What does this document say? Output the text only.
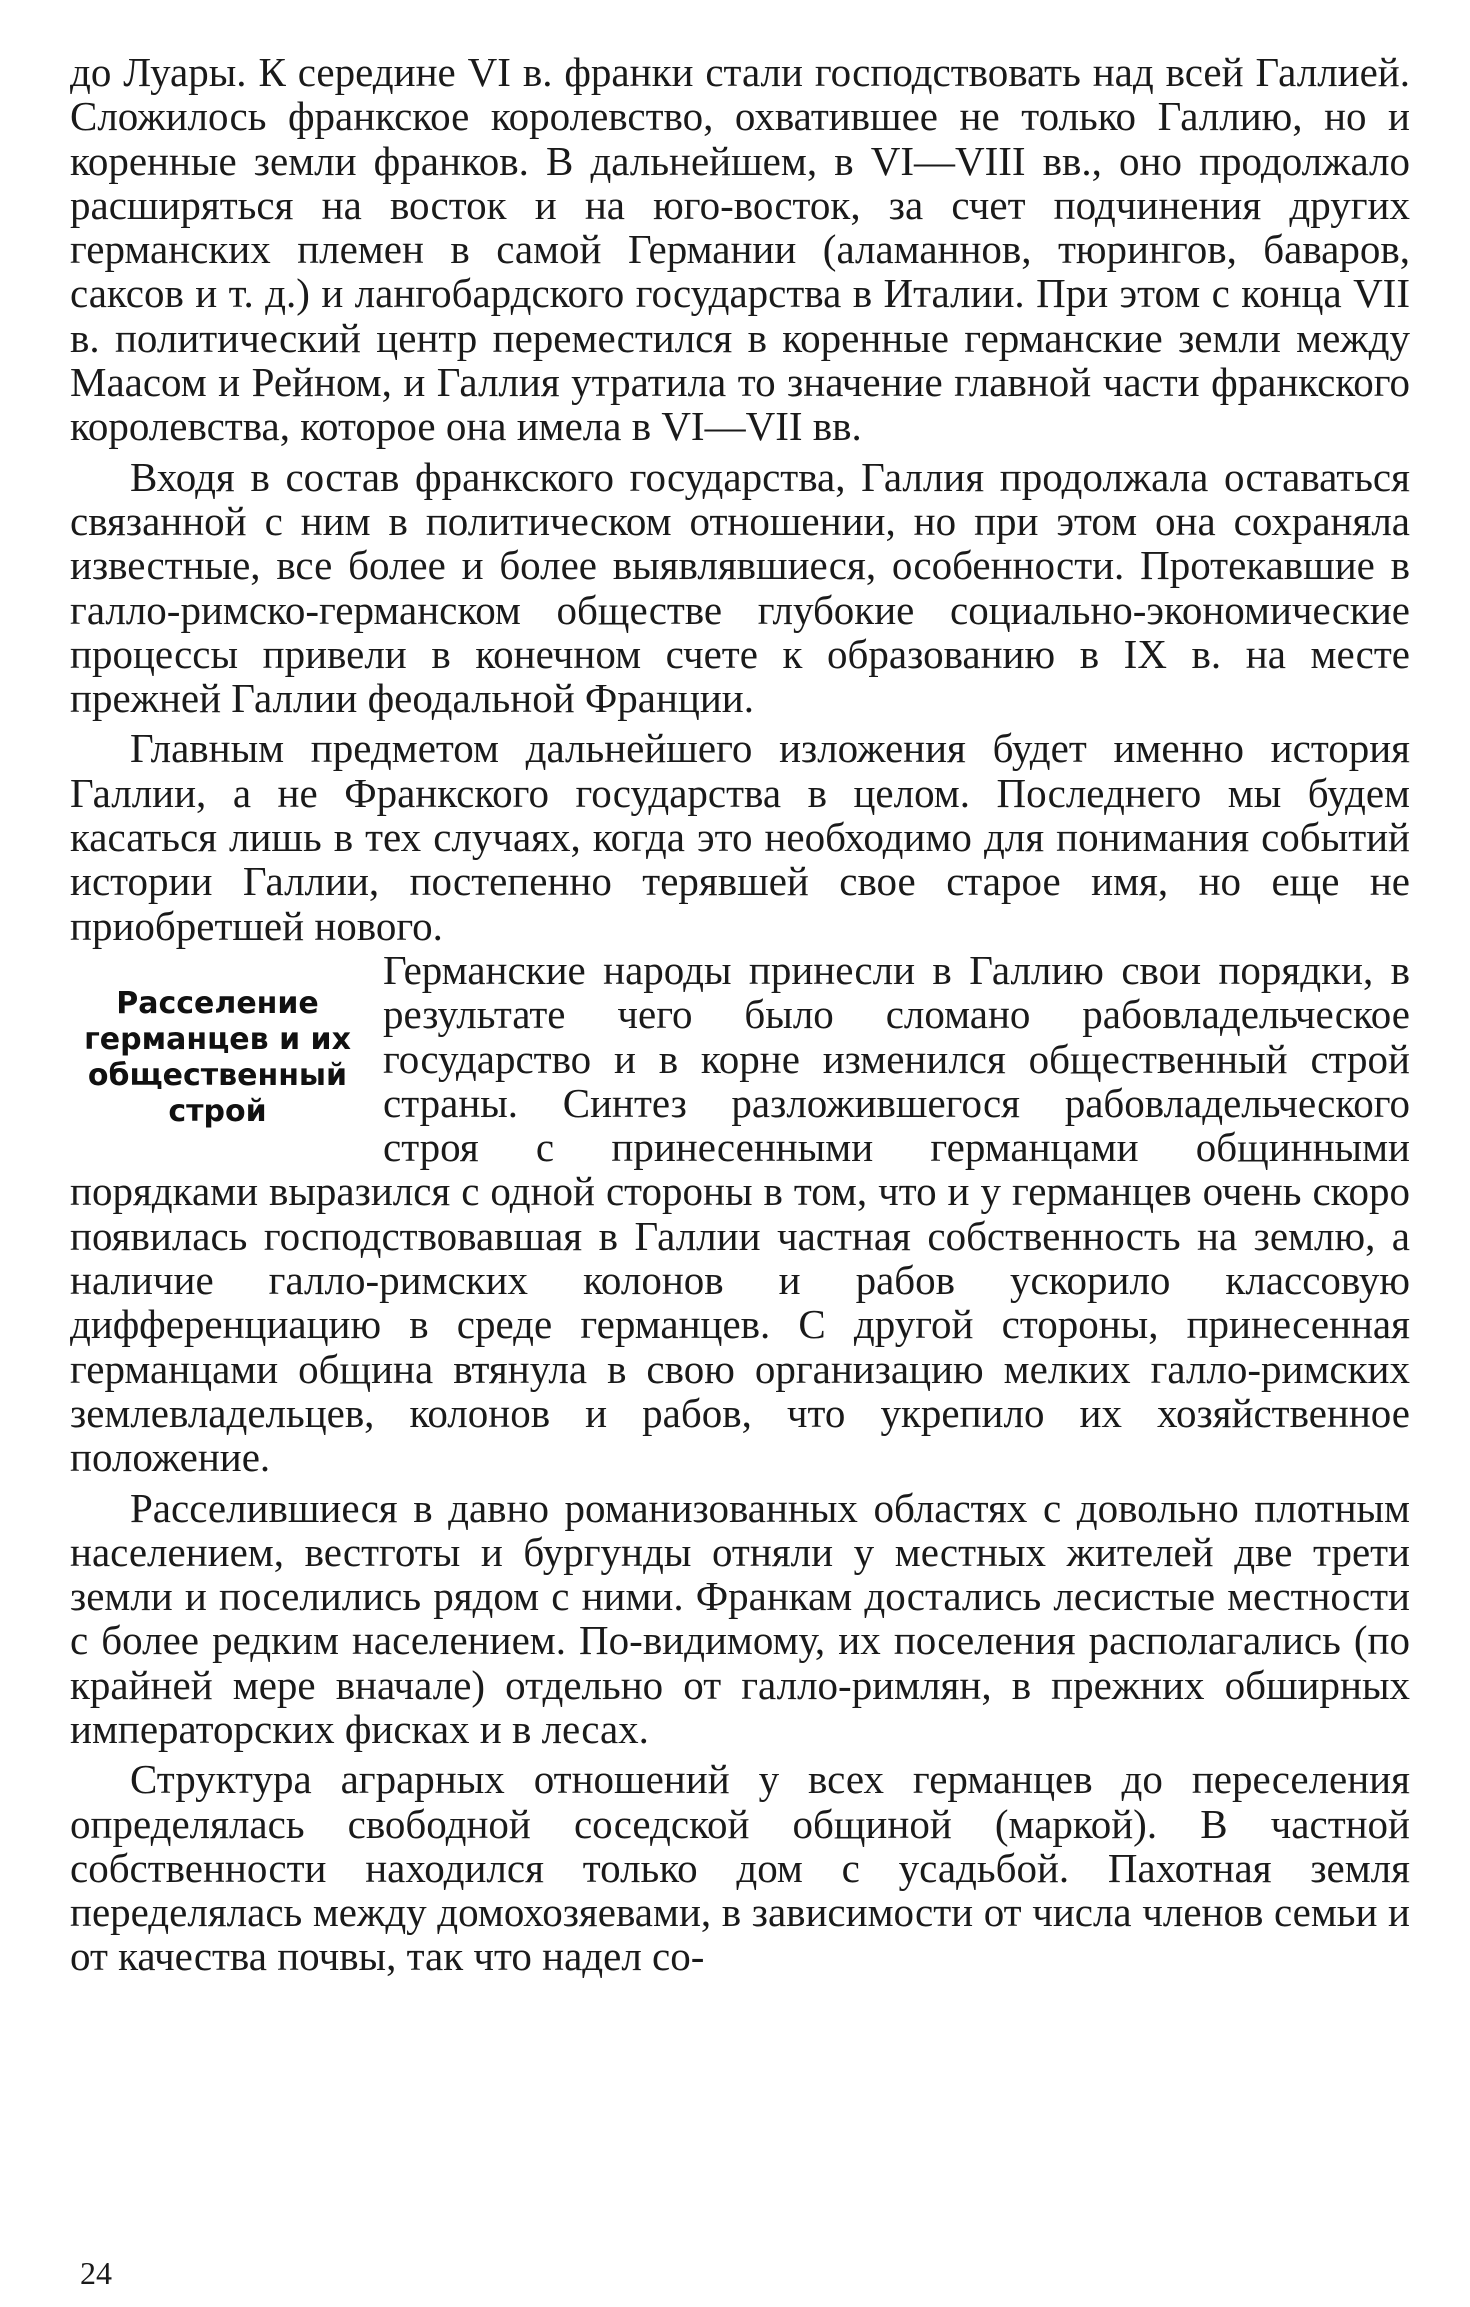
до Луары. К середине VI в. франки стали господствовать над всей Галлией. Сложилось франкское королевство, охватившее не только Галлию, но и коренные земли франков. В дальнейшем, в VI—VIII вв., оно продолжало расширяться на восток и на юго-восток, за счет подчинения других германских племен в самой Германии (аламаннов, тюрингов, баваров, саксов и т. д.) и лангобардского государства в Италии. При этом с конца VII в. политический центр переместился в коренные германские земли между Маасом и Рейном, и Галлия утратила то значение главной части франкского королевства, которое она имела в VI—VII вв.

Входя в состав франкского государства, Галлия продолжала оставаться связанной с ним в политическом отношении, но при этом она сохраняла известные, все более и более выявлявшиеся, особенности. Протекавшие в галло-римско-германском обществе глубокие социально-экономические процессы привели в конечном счете к образованию в IX в. на месте прежней Галлии феодальной Франции.

Главным предметом дальнейшего изложения будет именно история Галлии, а не Франкского государства в целом. Последнего мы будем касаться лишь в тех случаях, когда это необходимо для понимания событий истории Галлии, постепенно терявшей свое старое имя, но еще не приобретшей нового.

Расселение германцев и их общественный строй

Германские народы принесли в Галлию свои порядки, в результате чего было сломано рабовладельческое государство и в корне изменился общественный строй страны. Синтез разложившегося рабовладельческого строя с принесенными германцами общинными порядками выразился с одной стороны в том, что и у германцев очень скоро появилась господствовавшая в Галлии частная собственность на землю, а наличие галло-римских колонов и рабов ускорило классовую дифференциацию в среде германцев. С другой стороны, принесенная германцами община втянула в свою организацию мелких галло-римских землевладельцев, колонов и рабов, что укрепило их хозяйственное положение.

Расселившиеся в давно романизованных областях с довольно плотным населением, вестготы и бургунды отняли у местных жителей две трети земли и поселились рядом с ними. Франкам достались лесистые местности с более редким населением. По-видимому, их поселения располагались (по крайней мере вначале) отдельно от галло-римлян, в прежних обширных императорских фисках и в лесах.

Структура аграрных отношений у всех германцев до переселения определялась свободной соседской общиной (маркой). В частной собственности находился только дом с усадьбой. Пахотная земля переделялась между домохозяевами, в зависимости от числа членов семьи и от качества почвы, так что надел со-

24
